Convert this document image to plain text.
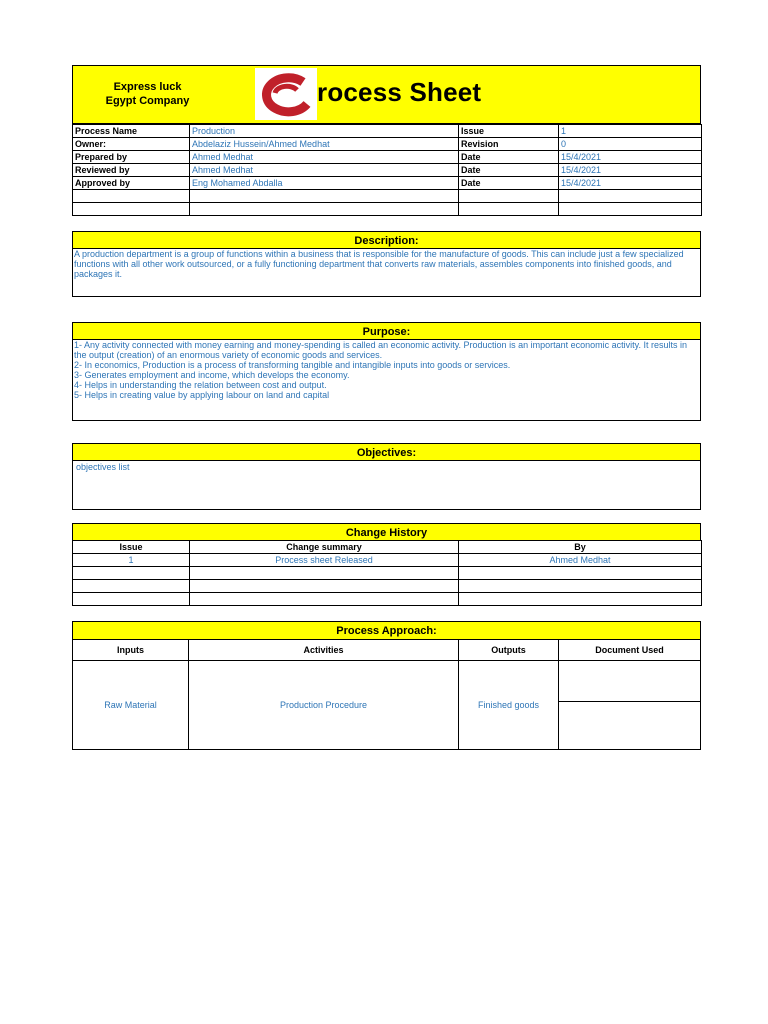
Express luck
Egypt Company	rocess Sheet
Process Name	Production	Issue	1
Owner:	Abdelaziz Hussein/Ahmed Medhat	Revision	0
Prepared by	Ahmed Medhat	Date	15/4/2021
Reviewed by	Ahmed Medhat	Date	15/4/2021
Approved by	Eng Mohamed Abdalla	Date	15/4/2021

Description:
A production department is a group of functions within a business that is responsible for the manufacture of goods. This can include just a few specialized functions with all other work outsourced, or a fully functioning department that converts raw materials, assembles components into finished goods, and packages it.
Purpose:
1- Any activity connected with money earning and money-spending is called an economic activity. Production is an important economic activity. It results in the output (creation) of an enormous variety of economic goods and services.
2- In economics, Production is a process of transforming tangible and intangible inputs into goods or services.
3- Generates employment and income, which develops the economy.
4- Helps in understanding the relation between cost and output.
5- Helps in creating value by applying labour on land and capital
Objectives:
objectives list
Change History
Issue	Change summary	By
1	Process sheet Released	Ahmed Medhat

Process Approach:
Inputs	Activities	Outputs	Document Used
Raw Material	Production Procedure	Finished goods
